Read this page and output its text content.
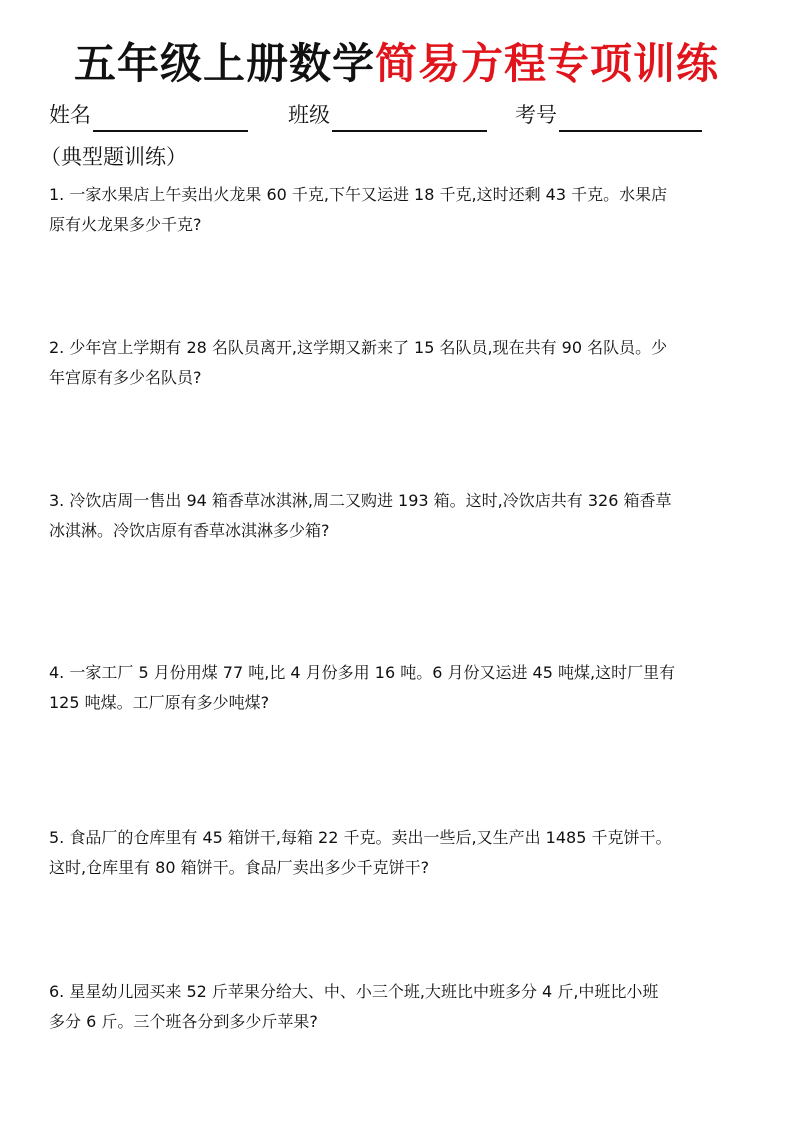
五年级上册数学简易方程专项训练
姓名	班级	考号
（典型题训练）
1. 一家水果店上午卖出火龙果 60 千克,下午又运进 18 千克,这时还剩 43 千克。水果店
原有火龙果多少千克?
2. 少年宫上学期有 28 名队员离开,这学期又新来了 15 名队员,现在共有 90 名队员。少
年宫原有多少名队员?
3. 冷饮店周一售出 94 箱香草冰淇淋,周二又购进 193 箱。这时,冷饮店共有 326 箱香草
冰淇淋。冷饮店原有香草冰淇淋多少箱?
4. 一家工厂 5 月份用煤 77 吨,比 4 月份多用 16 吨。6 月份又运进 45 吨煤,这时厂里有
125 吨煤。工厂原有多少吨煤?
5. 食品厂的仓库里有 45 箱饼干,每箱 22 千克。卖出一些后,又生产出 1485 千克饼干。
这时,仓库里有 80 箱饼干。食品厂卖出多少千克饼干?
6. 星星幼儿园买来 52 斤苹果分给大、中、小三个班,大班比中班多分 4 斤,中班比小班
多分 6 斤。三个班各分到多少斤苹果?
